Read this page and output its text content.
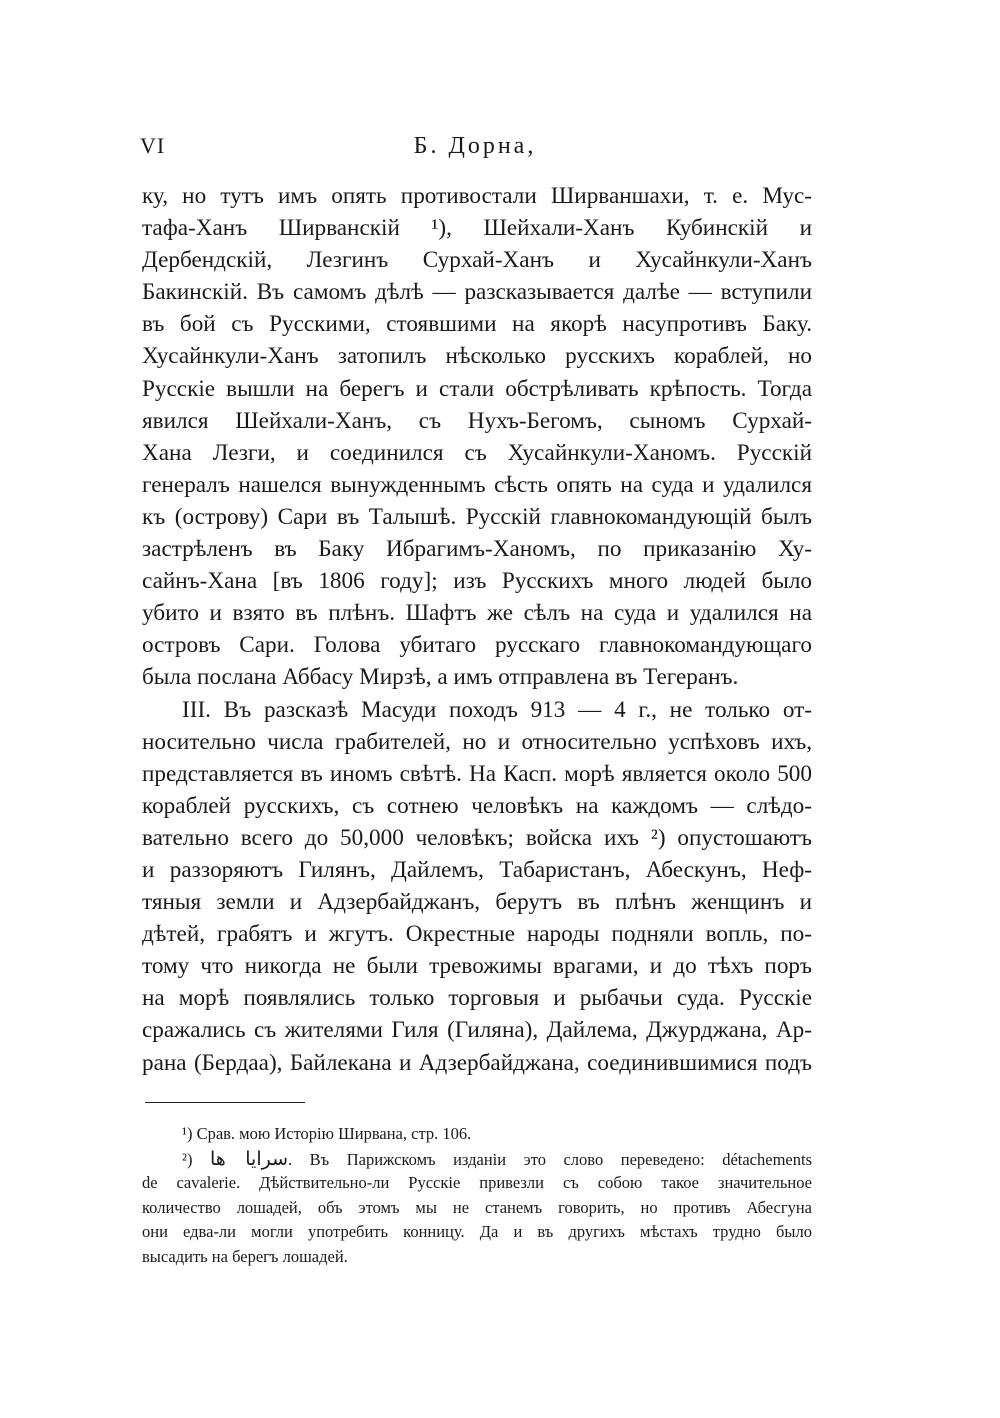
VI	Б. Дорна,
ку, но тутъ имъ опять противостали Ширваншахи, т. е. Мус-
тафа-Ханъ Ширванскій ¹), Шейхали-Ханъ Кубинскій и
Дербендскій, Лезгинъ Сурхай-Ханъ и Хусайнкули-Ханъ
Бакинскій. Въ самомъ дѣлѣ — разсказывается далѣе — вступили
въ бой съ Русскими, стоявшими на якорѣ насупротивъ Баку.
Хусайнкули-Ханъ затопилъ нѣсколько русскихъ кораблей, но
Русскіе вышли на берегъ и стали обстрѣливать крѣпость. Тогда
явился Шейхали-Ханъ, съ Нухъ-Бегомъ, сыномъ Сурхай-
Хана Лезги, и соединился съ Хусайнкули-Ханомъ. Русскій
генералъ нашелся вынужденнымъ сѣсть опять на суда и удалился
къ (острову) Сари въ Талышѣ. Русскій главнокомандующій былъ
застрѣленъ въ Баку Ибрагимъ-Ханомъ, по приказанію Ху-
сайнъ-Хана [въ 1806 году]; изъ Русскихъ много людей было
убито и взято въ плѣнъ. Шафтъ же сѣлъ на суда и удалился на
островъ Сари. Голова убитаго русскаго главнокомандующаго
была послана Аббасу Мирзѣ, а имъ отправлена въ Тегеранъ.
III. Въ разсказѣ Масуди походъ 913 — 4 г., не только от-
носительно числа грабителей, но и относительно успѣховъ ихъ,
представляется въ иномъ свѣтѣ. На Касп. морѣ является около 500
кораблей русскихъ, съ сотнею человѣкъ на каждомъ — слѣдо-
вательно всего до 50,000 человѣкъ; войска ихъ ²) опустошаютъ
и раззоряютъ Гилянъ, Дайлемъ, Табаристанъ, Абескунъ, Неф-
тяныя земли и Адзербайджанъ, берутъ въ плѣнъ женщинъ и
дѣтей, грабятъ и жгутъ. Окрестные народы подняли вопль, по-
тому что никогда не были тревожимы врагами, и до тѣхъ поръ
на морѣ появлялись только торговыя и рыбачьи суда. Русскіе
сражались съ жителями Гиля (Гиляна), Дайлема, Джурджана, Ар-
рана (Бердаа), Байлекана и Адзербайджана, соединившимися подъ
¹) Срав. мою Исторію Ширвана, стр. 106.
²) سرايا ها. Въ Парижскомъ изданіи это слово переведено: détachements
de cavalerie. Дѣйствительно-ли Русскіе привезли съ собою такое значительное
количество лошадей, объ этомъ мы не станемъ говорить, но противъ Абесгуна
они едва-ли могли употребить конницу. Да и въ другихъ мѣстахъ трудно было
высадить на берегъ лошадей.
